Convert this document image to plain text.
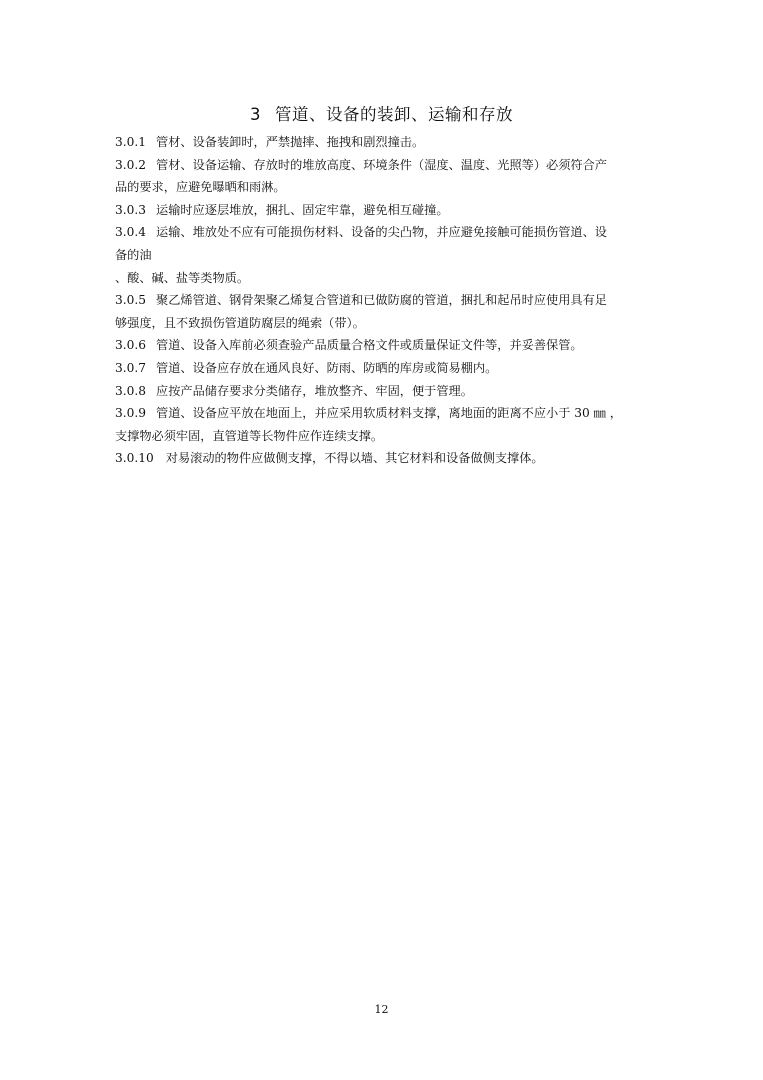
3 管道、设备的装卸、运输和存放
3.0.1 管材、设备装卸时，严禁抛摔、拖拽和剧烈撞击。
3.0.2 管材、设备运输、存放时的堆放高度、环境条件（湿度、温度、光照等）必须符合产
品的要求，应避免曝晒和雨淋。
3.0.3 运输时应逐层堆放，捆扎、固定牢靠，避免相互碰撞。
3.0.4 运输、堆放处不应有可能损伤材料、设备的尖凸物，并应避免接触可能损伤管道、设
备的油
、酸、碱、盐等类物质。
3.0.5 聚乙烯管道、钢骨架聚乙烯复合管道和已做防腐的管道，捆扎和起吊时应使用具有足
够强度，且不致损伤管道防腐层的绳索（带）。
3.0.6 管道、设备入库前必须查验产品质量合格文件或质量保证文件等，并妥善保管。
3.0.7 管道、设备应存放在通风良好、防雨、防晒的库房或简易棚内。
3.0.8 应按产品储存要求分类储存，堆放整齐、牢固，便于管理。
3.0.9 管道、设备应平放在地面上，并应采用软质材料支撑，离地面的距离不应小于 30 ㎜ ，
支撑物必须牢固，直管道等长物件应作连续支撑。
3.0.10 对易滚动的物件应做侧支撑，不得以墙、其它材料和设备做侧支撑体。
12
